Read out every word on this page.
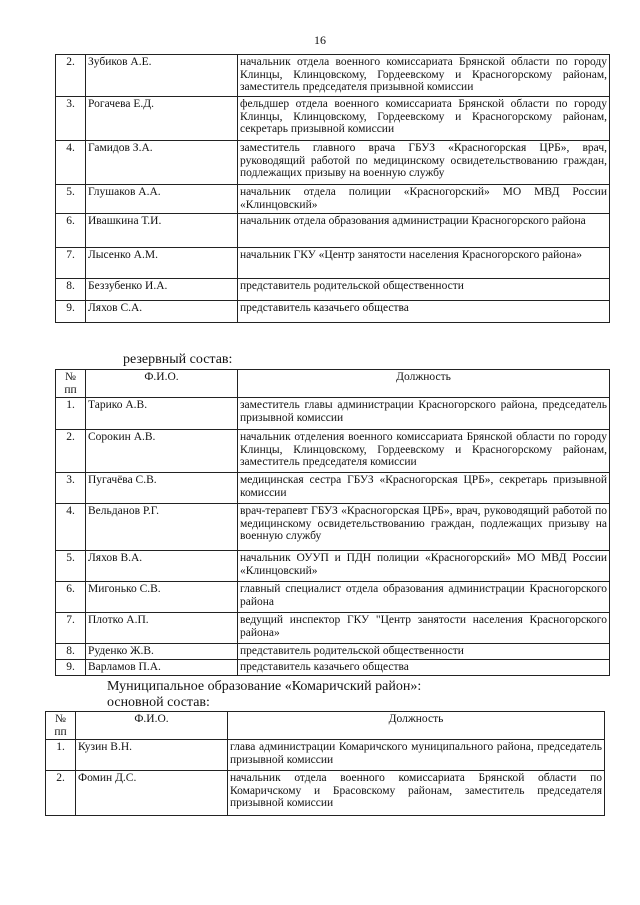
16
2.	Зубиков А.Е.	начальник отдела военного комиссариата Брянской области по городу Клинцы, Клинцовскому, Гордеевскому и Красногорскому районам, заместитель председателя призывной комиссии
3.	Рогачева Е.Д.	фельдшер отдела военного комиссариата Брянской области по городу Клинцы, Клинцовскому, Гордеевскому и Красногорскому районам, секретарь призывной комиссии
4.	Гамидов З.А.	заместитель главного врача ГБУЗ «Красногорская ЦРБ», врач, руководящий работой по медицинскому освидетельствованию граждан, подлежащих призыву на военную службу
5.	Глушаков А.А.	начальник отдела полиции «Красногорский» МО МВД России «Клинцовский»
6.	Ивашкина Т.И.	начальник отдела образования администрации Красногорского района
7.	Лысенко А.М.	начальник ГКУ «Центр занятости населения Красногорского района»
8.	Беззубенко И.А.	представитель родительской общественности
9.	Ляхов С.А.	представитель казачьего общества
резервный состав:
№ пп	Ф.И.О.	Должность
1.	Тарико А.В.	заместитель главы администрации Красногорского района, председатель призывной комиссии
2.	Сорокин А.В.	начальник отделения военного комиссариата Брянской области по городу Клинцы, Клинцовскому, Гордеевскому и Красногорскому районам, заместитель председателя комиссии
3.	Пугачёва С.В.	медицинская сестра ГБУЗ «Красногорская ЦРБ», секретарь призывной комиссии
4.	Вельданов Р.Г.	врач-терапевт ГБУЗ «Красногорская ЦРБ», врач, руководящий работой по медицинскому освидетельствованию граждан, подлежащих призыву на военную службу
5.	Ляхов В.А.	начальник ОУУП и ПДН полиции «Красногорский» МО МВД России «Клинцовский»
6.	Мигонько С.В.	главный специалист отдела образования администрации Красногорского района
7.	Плотко А.П.	ведущий инспектор ГКУ "Центр занятости населения Красногорского района»
8.	Руденко Ж.В.	представитель родительской общественности
9.	Варламов П.А.	представитель казачьего общества
Муниципальное образование «Комаричский район»:
основной состав:
№ пп	Ф.И.О.	Должность
1.	Кузин В.Н.	глава администрации Комаричского муниципального района, председатель призывной комиссии
2.	Фомин Д.С.	начальник отдела военного комиссариата Брянской области по Комаричскому и Брасовскому районам, заместитель председателя призывной комиссии
